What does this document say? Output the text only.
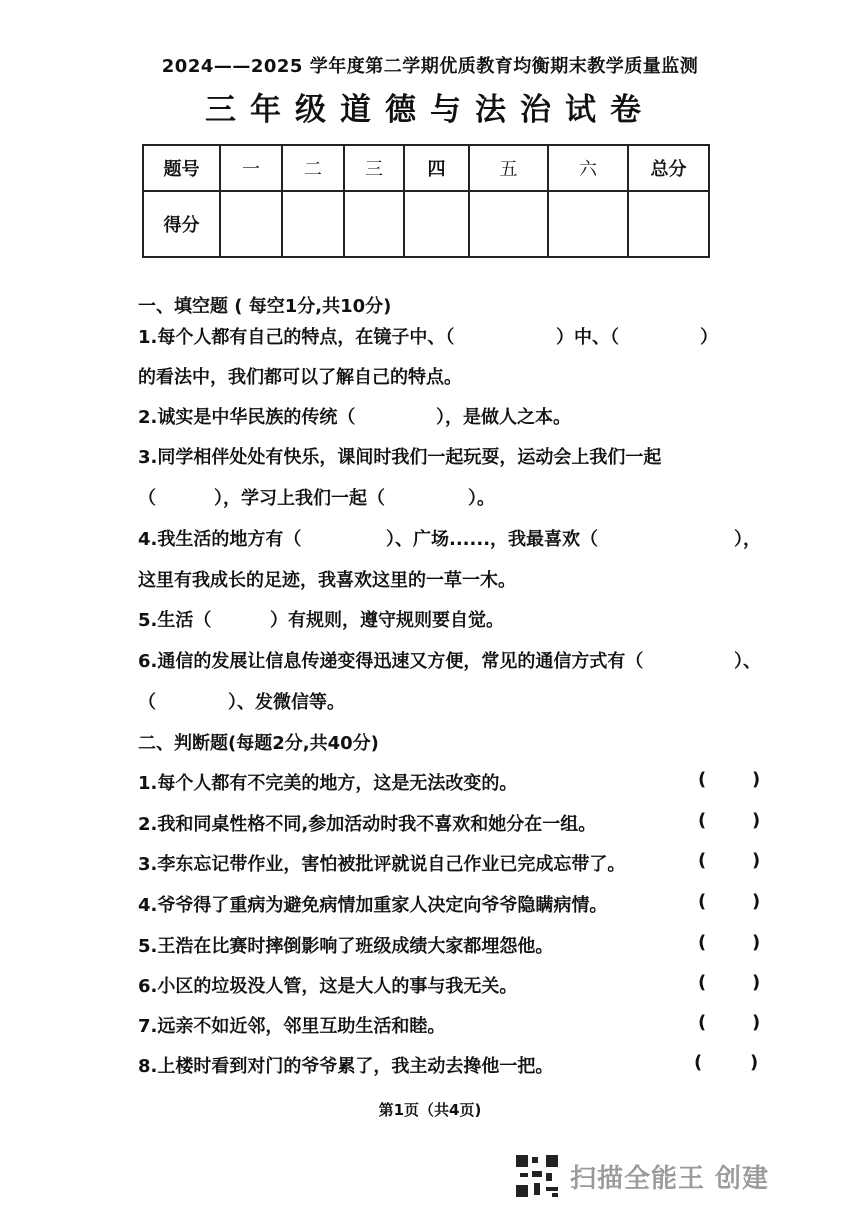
2024——2025 学年度第二学期优质教育均衡期末教学质量监测
三年级道德与法治试卷
题号	一	二	三	四	五	六	总分
得分							
一、填空题 ( 每空1分,共10分)
1.每个人都有自己的特点，在镜子中、（	）中、（	）
的看法中，我们都可以了解自己的特点。
2.诚实是中华民族的传统（	），是做人之本。
3.同学相伴处处有快乐，课间时我们一起玩耍，运动会上我们一起
（	），学习上我们一起（	）。
4.我生活的地方有（	）、广场......，我最喜欢（	），
这里有我成长的足迹，我喜欢这里的一草一木。
5.生活（	）有规则，遵守规则要自觉。
6.通信的发展让信息传递变得迅速又方便，常见的通信方式有（	）、
（	）、发微信等。
二、判断题(每题2分,共40分)
1.每个人都有不完美的地方，这是无法改变的。	(	)
2.我和同桌性格不同,参加活动时我不喜欢和她分在一组。	(	)
3.李东忘记带作业，害怕被批评就说自己作业已完成忘带了。	(	)
4.爷爷得了重病为避免病情加重家人决定向爷爷隐瞒病情。	(	)
5.王浩在比赛时摔倒影响了班级成绩大家都埋怨他。	(	)
6.小区的垃圾没人管，这是大人的事与我无关。	(	)
7.远亲不如近邻，邻里互助生活和睦。	(	)
8.上楼时看到对门的爷爷累了，我主动去搀他一把。	(	)
第1页（共4页)
扫描全能王 创建
